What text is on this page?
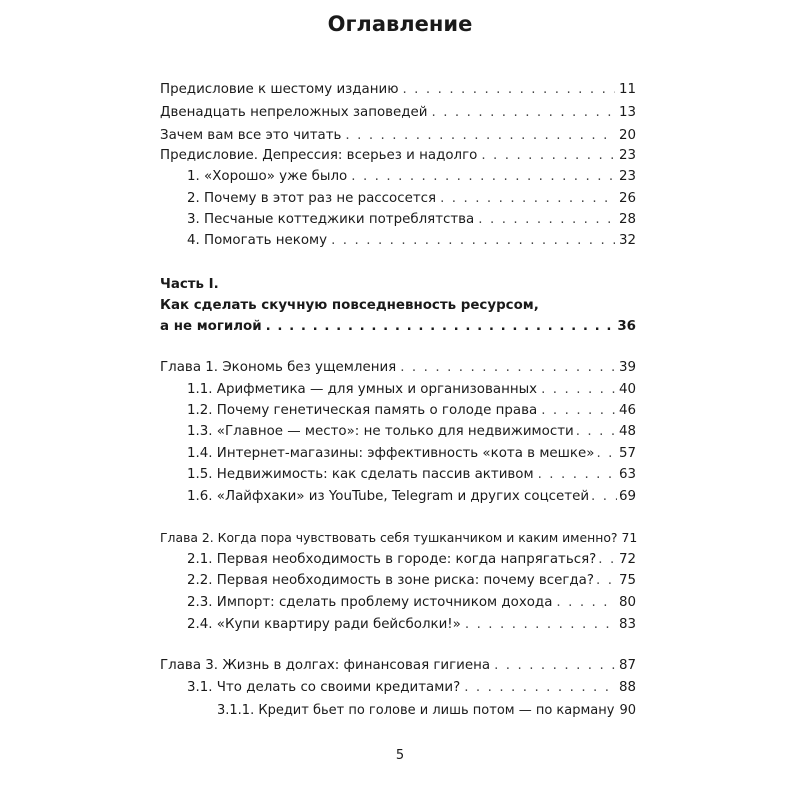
Оглавление
Предисловие к шестому изданию . . .	11
Двенадцать непреложных заповедей . . .	13
Зачем вам все это читать . . .	20
Предисловие. Депрессия: всерьез и надолго . . .	23
1. «Хорошо» уже было . . .	23
2. Почему в этот раз не рассосется . . .	26
3. Песчаные коттеджики потреблятства . . .	28
4. Помогать некому . . .	32
Часть I.
Как сделать скучную повседневность ресурсом,
а не могилой . . .	36
Глава 1. Экономь без ущемления . . .	39
1.1. Арифметика — для умных и организованных . . .	40
1.2. Почему генетическая память о голоде права . . .	46
1.3. «Главное — место»: не только для недвижимости . . .	48
1.4. Интернет-магазины: эффективность «кота в мешке» . . . 57
1.5. Недвижимость: как сделать пассив активом . . .	63
1.6. «Лайфхаки» из YouTube, Telegram и других соцсетей . . . 69
Глава 2. Когда пора чувствовать себя тушканчиком и каким именно? 71
2.1. Первая необходимость в городе: когда напрягаться? . . . 72
2.2. Первая необходимость в зоне риска: почему всегда? . . . 75
2.3. Импорт: сделать проблему источником дохода . . .	80
2.4. «Купи квартиру ради бейсболки!» . . .	83
Глава 3. Жизнь в долгах: финансовая гигиена . . .	87
3.1. Что делать со своими кредитами? . . .	88
3.1.1. Кредит бьет по голове и лишь потом — по карману . . . 90
5
